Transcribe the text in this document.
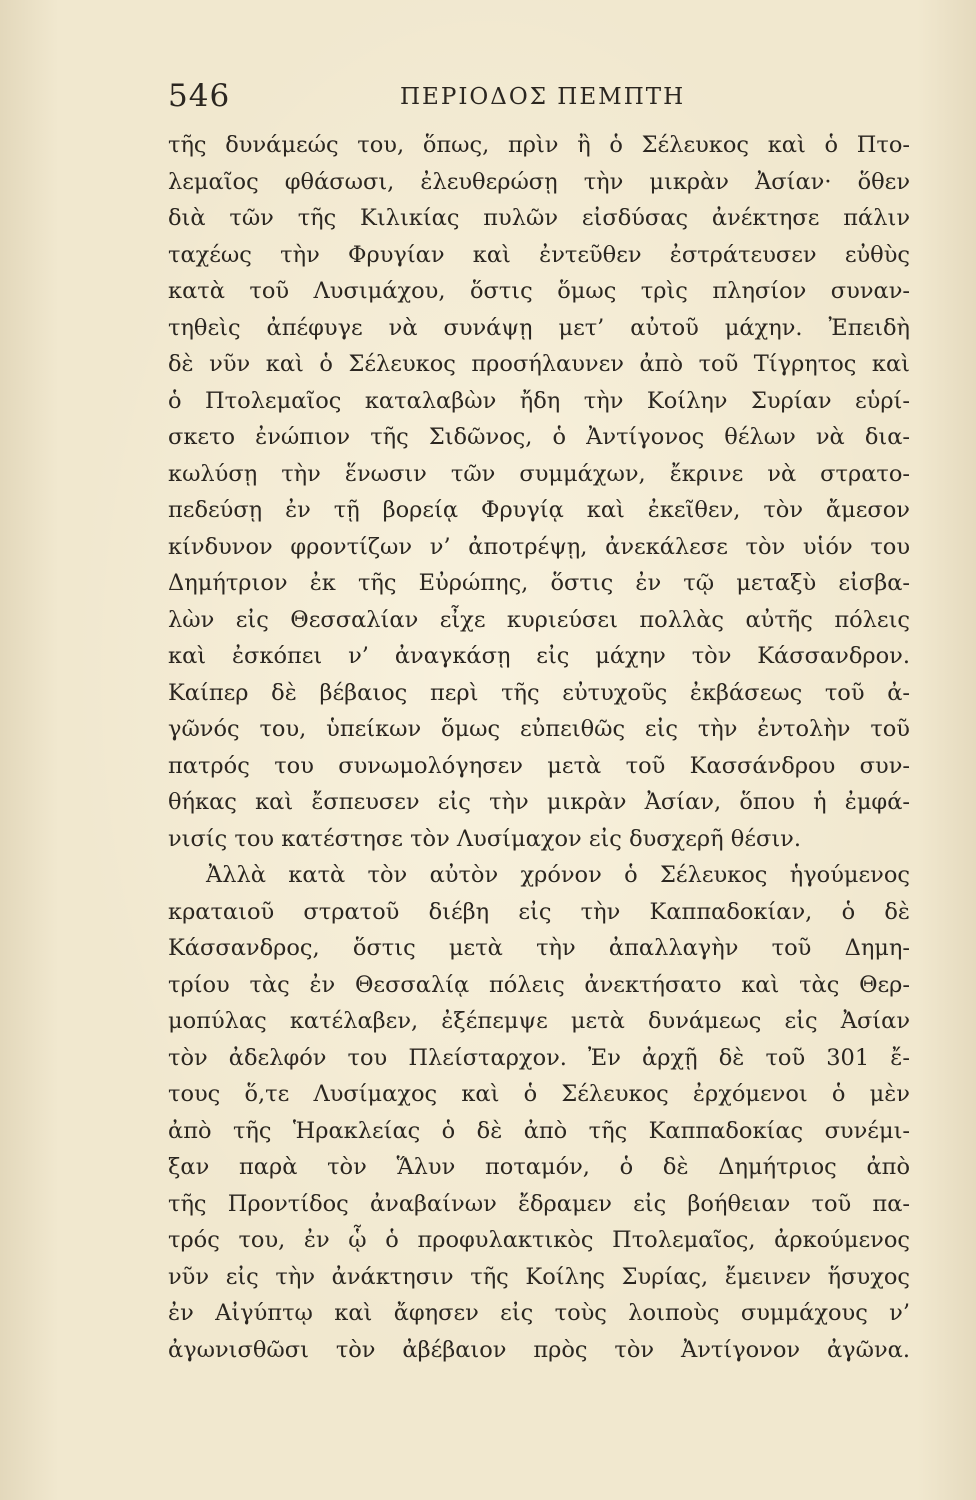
546	ΠΕΡΙΟΔΟΣ ΠΕΜΠΤΗ
τῆς δυνάμεώς του, ὅπως, πρὶν ἢ ὁ Σέλευκος καὶ ὁ Πτο-
λεμαῖος φθάσωσι, ἐλευθερώσῃ τὴν μικρὰν Ἀσίαν· ὅθεν
διὰ τῶν τῆς Κιλικίας πυλῶν εἰσδύσας ἀνέκτησε πάλιν
ταχέως τὴν Φρυγίαν καὶ ἐντεῦθεν ἐστράτευσεν εὐθὺς
κατὰ τοῦ Λυσιμάχου, ὅστις ὅμως τρὶς πλησίον συναν-
τηθεὶς ἀπέφυγε νὰ συνάψῃ μετ’ αὐτοῦ μάχην. Ἐπειδὴ
δὲ νῦν καὶ ὁ Σέλευκος προσήλαυνεν ἀπὸ τοῦ Τίγρητος καὶ
ὁ Πτολεμαῖος καταλαβὼν ἤδη τὴν Κοίλην Συρίαν εὑρί-
σκετο ἐνώπιον τῆς Σιδῶνος, ὁ Ἀντίγονος θέλων νὰ δια-
κωλύσῃ τὴν ἕνωσιν τῶν συμμάχων, ἔκρινε νὰ στρατο-
πεδεύσῃ ἐν τῇ βορείᾳ Φρυγίᾳ καὶ ἐκεῖθεν, τὸν ἄμεσον
κίνδυνον φροντίζων ν’ ἀποτρέψῃ, ἀνεκάλεσε τὸν υἱόν του
Δημήτριον ἐκ τῆς Εὐρώπης, ὅστις ἐν τῷ μεταξὺ εἰσβα-
λὼν εἰς Θεσσαλίαν εἶχε κυριεύσει πολλὰς αὐτῆς πόλεις
καὶ ἐσκόπει ν’ ἀναγκάσῃ εἰς μάχην τὸν Κάσσανδρον.
Καίπερ δὲ βέβαιος περὶ τῆς εὐτυχοῦς ἐκβάσεως τοῦ ἀ-
γῶνός του, ὑπείκων ὅμως εὐπειθῶς εἰς τὴν ἐντολὴν τοῦ
πατρός του συνωμολόγησεν μετὰ τοῦ Κασσάνδρου συν-
θήκας καὶ ἔσπευσεν εἰς τὴν μικρὰν Ἀσίαν, ὅπου ἡ ἐμφά-
νισίς του κατέστησε τὸν Λυσίμαχον εἰς δυσχερῆ θέσιν.
Ἀλλὰ κατὰ τὸν αὐτὸν χρόνον ὁ Σέλευκος ἡγούμενος
κραταιοῦ στρατοῦ διέβη εἰς τὴν Καππαδοκίαν, ὁ δὲ
Κάσσανδρος, ὅστις μετὰ τὴν ἀπαλλαγὴν τοῦ Δημη-
τρίου τὰς ἐν Θεσσαλίᾳ πόλεις ἀνεκτήσατο καὶ τὰς Θερ-
μοπύλας κατέλαβεν, ἐξέπεμψε μετὰ δυνάμεως εἰς Ἀσίαν
τὸν ἀδελφόν του Πλείσταρχον. Ἐν ἀρχῇ δὲ τοῦ 301 ἔ-
τους ὅ,τε Λυσίμαχος καὶ ὁ Σέλευκος ἐρχόμενοι ὁ μὲν
ἀπὸ τῆς Ἡρακλείας ὁ δὲ ἀπὸ τῆς Καππαδοκίας συνέμι-
ξαν παρὰ τὸν Ἅλυν ποταμόν, ὁ δὲ Δημήτριος ἀπὸ
τῆς Προντίδος ἀναβαίνων ἔδραμεν εἰς βοήθειαν τοῦ πα-
τρός του, ἐν ᾧ ὁ προφυλακτικὸς Πτολεμαῖος, ἀρκούμενος
νῦν εἰς τὴν ἀνάκτησιν τῆς Κοίλης Συρίας, ἔμεινεν ἥσυχος
ἐν Αἰγύπτῳ καὶ ἄφησεν εἰς τοὺς λοιποὺς συμμάχους ν’
ἀγωνισθῶσι τὸν ἀβέβαιον πρὸς τὸν Ἀντίγονον ἀγῶνα.
